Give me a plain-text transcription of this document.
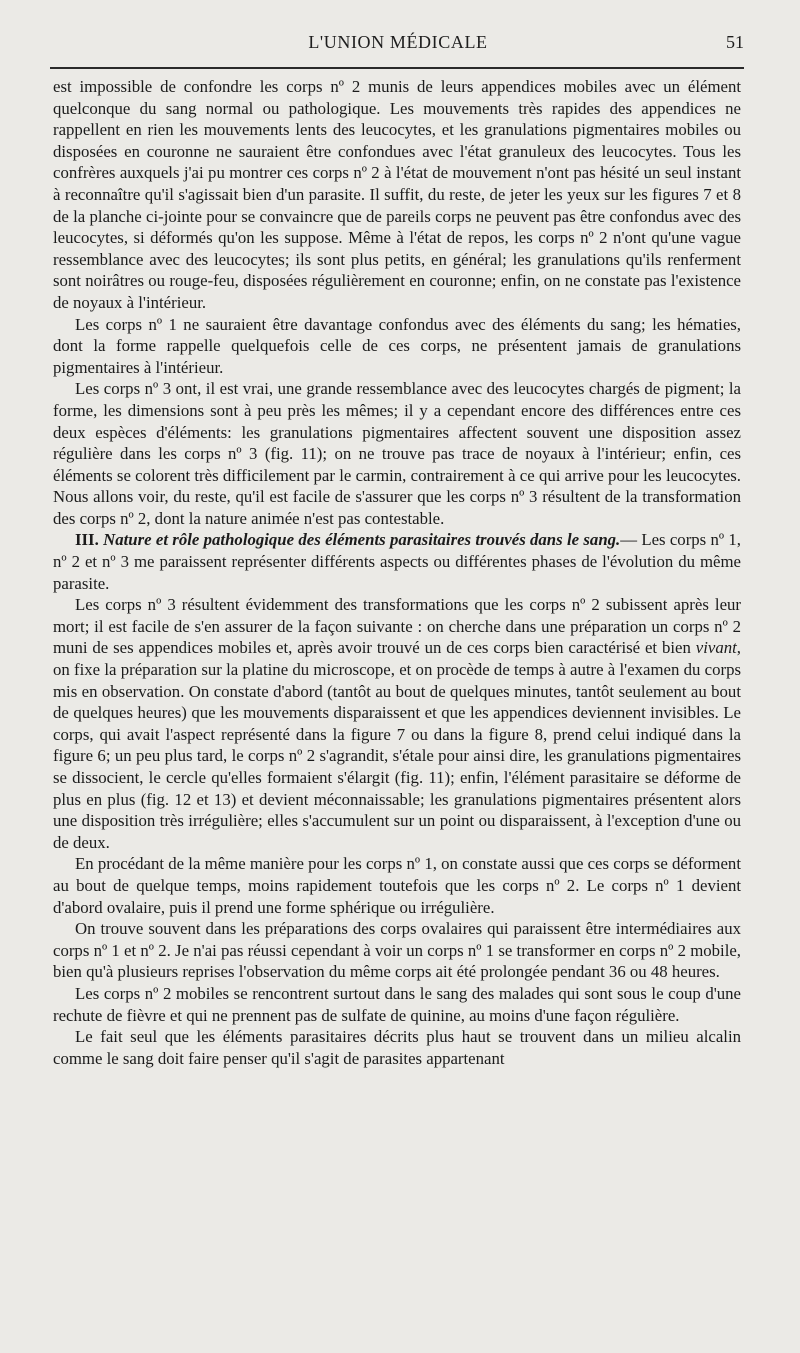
L'UNION MÉDICALE	51

est impossible de confondre les corps nº 2 munis de leurs appendices mobiles avec un élément quelconque du sang normal ou pathologique. Les mouvements très rapides des appendices ne rappellent en rien les mouvements lents des leucocytes, et les granulations pigmentaires mobiles ou disposées en couronne ne sauraient être confondues avec l'état granuleux des leucocytes. Tous les confrères auxquels j'ai pu montrer ces corps nº 2 à l'état de mouvement n'ont pas hésité un seul instant à reconnaître qu'il s'agissait bien d'un parasite. Il suffit, du reste, de jeter les yeux sur les figures 7 et 8 de la planche ci-jointe pour se convaincre que de pareils corps ne peuvent pas être confondus avec des leucocytes, si déformés qu'on les suppose. Même à l'état de repos, les corps nº 2 n'ont qu'une vague ressemblance avec des leucocytes; ils sont plus petits, en général; les granulations qu'ils renferment sont noirâtres ou rouge-feu, disposées régulièrement en couronne; enfin, on ne constate pas l'existence de noyaux à l'intérieur.

Les corps nº 1 ne sauraient être davantage confondus avec des éléments du sang; les hématies, dont la forme rappelle quelquefois celle de ces corps, ne présentent jamais de granulations pigmentaires à l'intérieur.

Les corps nº 3 ont, il est vrai, une grande ressemblance avec des leucocytes chargés de pigment; la forme, les dimensions sont à peu près les mêmes; il y a cependant encore des différences entre ces deux espèces d'éléments: les granulations pigmentaires affectent souvent une disposition assez régulière dans les corps nº 3 (fig. 11); on ne trouve pas trace de noyaux à l'intérieur; enfin, ces éléments se colorent très difficilement par le carmin, contrairement à ce qui arrive pour les leucocytes. Nous allons voir, du reste, qu'il est facile de s'assurer que les corps nº 3 résultent de la transformation des corps nº 2, dont la nature animée n'est pas contestable.

III. Nature et rôle pathologique des éléments parasitaires trouvés dans le sang.— Les corps nº 1, nº 2 et nº 3 me paraissent représenter différents aspects ou différentes phases de l'évolution du même parasite.

Les corps nº 3 résultent évidemment des transformations que les corps nº 2 subissent après leur mort; il est facile de s'en assurer de la façon suivante : on cherche dans une préparation un corps nº 2 muni de ses appendices mobiles et, après avoir trouvé un de ces corps bien caractérisé et bien vivant, on fixe la préparation sur la platine du microscope, et on procède de temps à autre à l'examen du corps mis en observation. On constate d'abord (tantôt au bout de quelques minutes, tantôt seulement au bout de quelques heures) que les mouvements disparaissent et que les appendices deviennent invisibles. Le corps, qui avait l'aspect représenté dans la figure 7 ou dans la figure 8, prend celui indiqué dans la figure 6; un peu plus tard, le corps nº 2 s'agrandit, s'étale pour ainsi dire, les granulations pigmentaires se dissocient, le cercle qu'elles formaient s'élargit (fig. 11); enfin, l'élément parasitaire se déforme de plus en plus (fig. 12 et 13) et devient méconnaissable; les granulations pigmentaires présentent alors une disposition très irrégulière; elles s'accumulent sur un point ou disparaissent, à l'exception d'une ou de deux.

En procédant de la même manière pour les corps nº 1, on constate aussi que ces corps se déforment au bout de quelque temps, moins rapidement toutefois que les corps nº 2. Le corps nº 1 devient d'abord ovalaire, puis il prend une forme sphérique ou irrégulière.

On trouve souvent dans les préparations des corps ovalaires qui paraissent être intermédiaires aux corps nº 1 et nº 2. Je n'ai pas réussi cependant à voir un corps nº 1 se transformer en corps nº 2 mobile, bien qu'à plusieurs reprises l'observation du même corps ait été prolongée pendant 36 ou 48 heures.

Les corps nº 2 mobiles se rencontrent surtout dans le sang des malades qui sont sous le coup d'une rechute de fièvre et qui ne prennent pas de sulfate de quinine, au moins d'une façon régulière.

Le fait seul que les éléments parasitaires décrits plus haut se trouvent dans un milieu alcalin comme le sang doit faire penser qu'il s'agit de parasites appartenant
